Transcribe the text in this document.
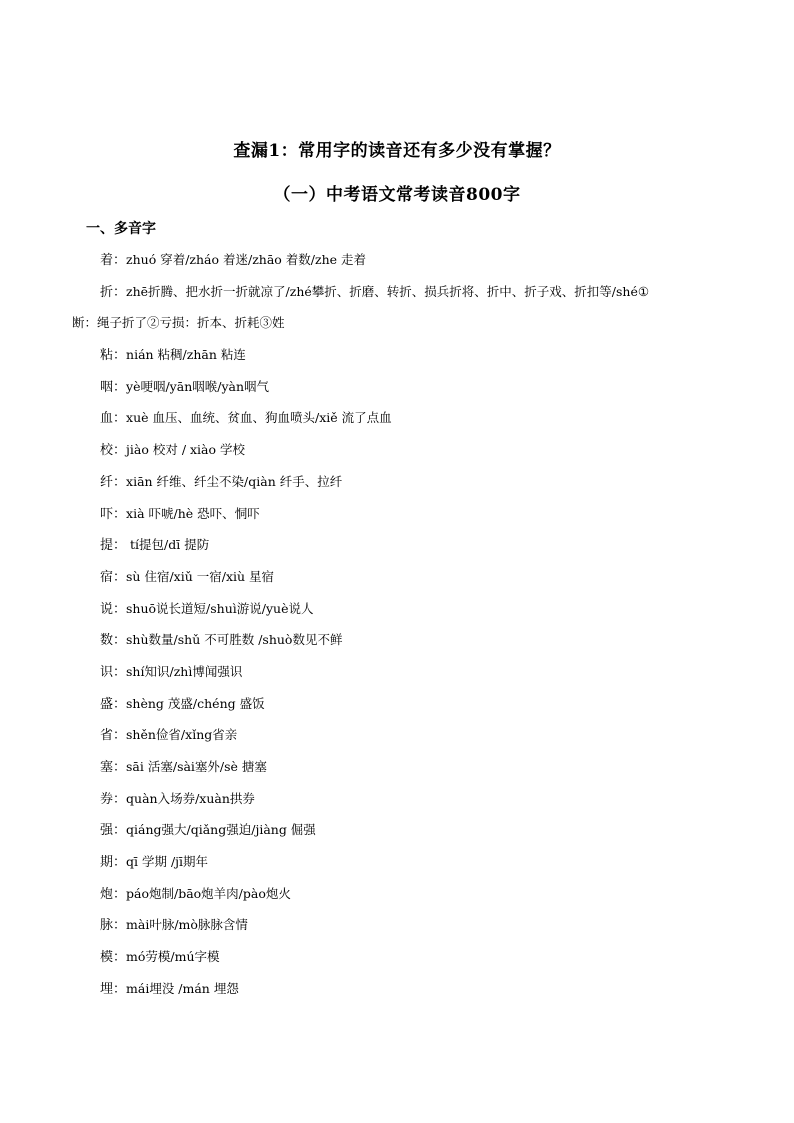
查漏1：常用字的读音还有多少没有掌握？
（一）中考语文常考读音800字
一、多音字
着：zhuó 穿着/zháo 着迷/zhāo 着数/zhe 走着
折：zhē折腾、把水折一折就凉了/zhé攀折、折磨、转折、损兵折将、折中、折子戏、折扣等/shé①
断：绳子折了②亏损：折本、折耗③姓
粘：nián 粘稠/zhān 粘连
咽：yè哽咽/yān咽喉/yàn咽气
血：xuè 血压、血统、贫血、狗血喷头/xiě 流了点血
校：jiào 校对 / xiào 学校
纤：xiān 纤维、纤尘不染/qiàn 纤手、拉纤
吓：xià 吓唬/hè 恐吓、恫吓
提： tí提包/dī 提防
宿：sù 住宿/xiǔ 一宿/xiù 星宿
说：shuō说长道短/shuì游说/yuè说人
数：shù数量/shǔ 不可胜数 /shuò数见不鲜
识：shí知识/zhì博闻强识
盛：shèng 茂盛/chéng 盛饭
省：shěn俭省/xǐng省亲
塞：sāi 活塞/sài塞外/sè 搪塞
券：quàn入场券/xuàn拱券
强：qiáng强大/qiǎng强迫/jiàng 倔强
期：qī 学期 /jī期年
炮：páo炮制/bāo炮羊肉/pào炮火
脉：mài叶脉/mò脉脉含情
模：mó劳模/mú字模
埋：mái埋没 /mán 埋怨
